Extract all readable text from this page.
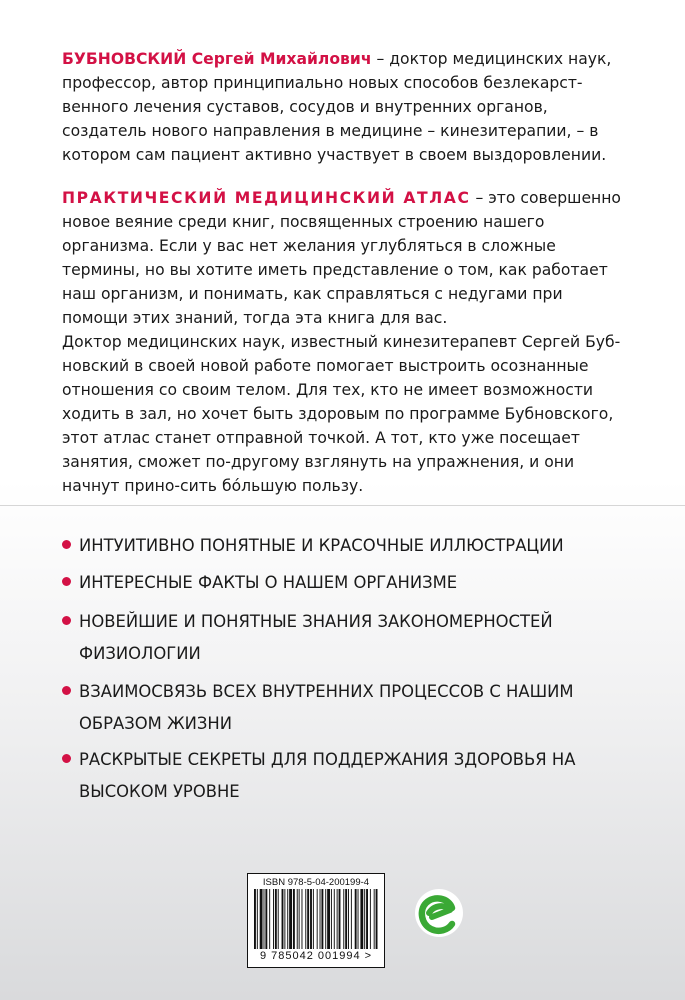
БУБНОВСКИЙ Сергей Михайлович – доктор медицинских наук, профессор, автор принципиально новых способов безлекарст-венного лечения суставов, сосудов и внутренних органов, создатель нового направления в медицине – кинезитерапии, – в котором сам пациент активно участвует в своем выздоровлении.

ПРАКТИЧЕСКИЙ МЕДИЦИНСКИЙ АТЛАС – это совершенно новое веяние среди книг, посвященных строению нашего организма. Если у вас нет желания углубляться в сложные термины, но вы хотите иметь представление о том, как работает наш организм, и понимать, как справляться с недугами при помощи этих знаний, тогда эта книга для вас.

Доктор медицинских наук, известный кинезитерапевт Сергей Буб-новский в своей новой работе помогает выстроить осознанные отношения со своим телом. Для тех, кто не имеет возможности ходить в зал, но хочет быть здоровым по программе Бубновского, этот атлас станет отправной точкой. А тот, кто уже посещает занятия, сможет по-другому взглянуть на упражнения, и они начнут прино-сить бóльшую пользу.

ИНТУИТИВНО ПОНЯТНЫЕ И КРАСОЧНЫЕ ИЛЛЮСТРАЦИИ
ИНТЕРЕСНЫЕ ФАКТЫ О НАШЕМ ОРГАНИЗМЕ
НОВЕЙШИЕ И ПОНЯТНЫЕ ЗНАНИЯ ЗАКОНОМЕРНОСТЕЙ ФИЗИОЛОГИИ
ВЗАИМОСВЯЗЬ ВСЕХ ВНУТРЕННИХ ПРОЦЕССОВ С НАШИМ ОБРАЗОМ ЖИЗНИ
РАСКРЫТЫЕ СЕКРЕТЫ ДЛЯ ПОДДЕРЖАНИЯ ЗДОРОВЬЯ НА ВЫСОКОМ УРОВНЕ
ISBN 978-5-04-200199-4
9 785042 001994 >
